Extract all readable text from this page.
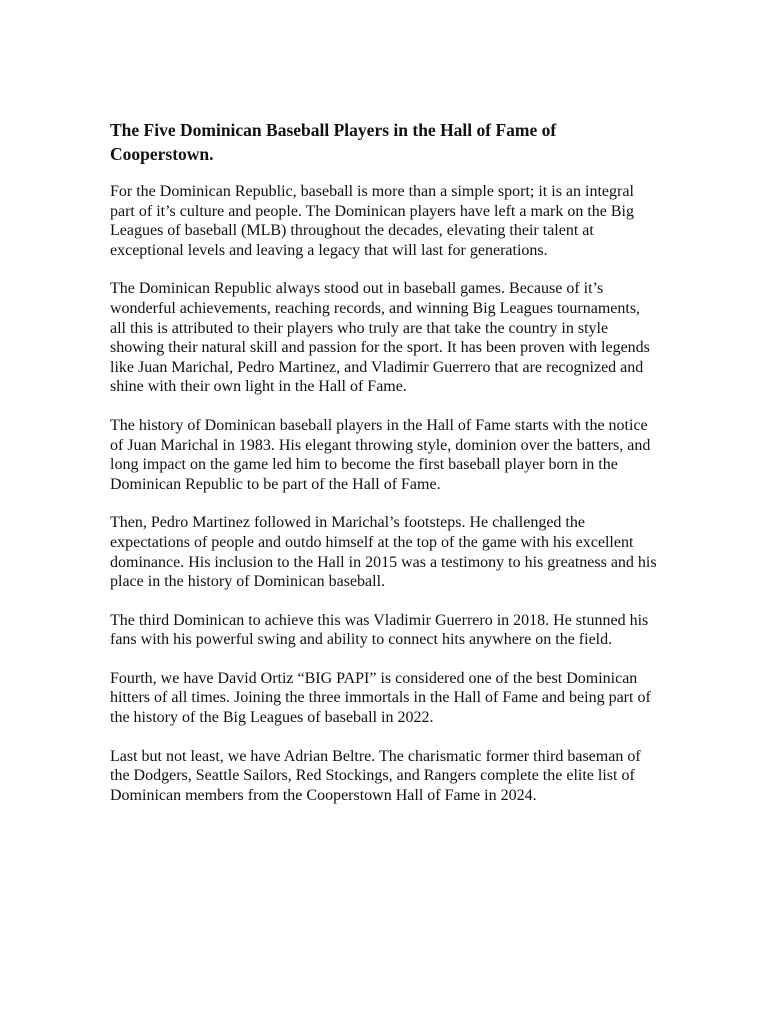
The Five Dominican Baseball Players in the Hall of Fame of Cooperstown.

For the Dominican Republic, baseball is more than a simple sport; it is an integral part of it’s culture and people. The Dominican players have left a mark on the Big Leagues of baseball (MLB) throughout the decades, elevating their talent at exceptional levels and leaving a legacy that will last for generations.

The Dominican Republic always stood out in baseball games. Because of it’s wonderful achievements, reaching records, and winning Big Leagues tournaments, all this is attributed to their players who truly are that take the country in style showing their natural skill and passion for the sport. It has been proven with legends like Juan Marichal, Pedro Martinez, and Vladimir Guerrero that are recognized and shine with their own light in the Hall of Fame.

The history of Dominican baseball players in the Hall of Fame starts with the notice of Juan Marichal in 1983. His elegant throwing style, dominion over the batters, and long impact on the game led him to become the first baseball player born in the Dominican Republic to be part of the Hall of Fame.

Then, Pedro Martinez followed in Marichal’s footsteps. He challenged the expectations of people and outdo himself at the top of the game with his excellent dominance. His inclusion to the Hall in 2015 was a testimony to his greatness and his place in the history of Dominican baseball.

The third Dominican to achieve this was Vladimir Guerrero in 2018. He stunned his fans with his powerful swing and ability to connect hits anywhere on the field.

Fourth, we have David Ortiz “BIG PAPI” is considered one of the best Dominican hitters of all times. Joining the three immortals in the Hall of Fame and being part of the history of the Big Leagues of baseball in 2022.

Last but not least, we have Adrian Beltre. The charismatic former third baseman of the Dodgers, Seattle Sailors, Red Stockings, and Rangers complete the elite list of Dominican members from the Cooperstown Hall of Fame in 2024.
